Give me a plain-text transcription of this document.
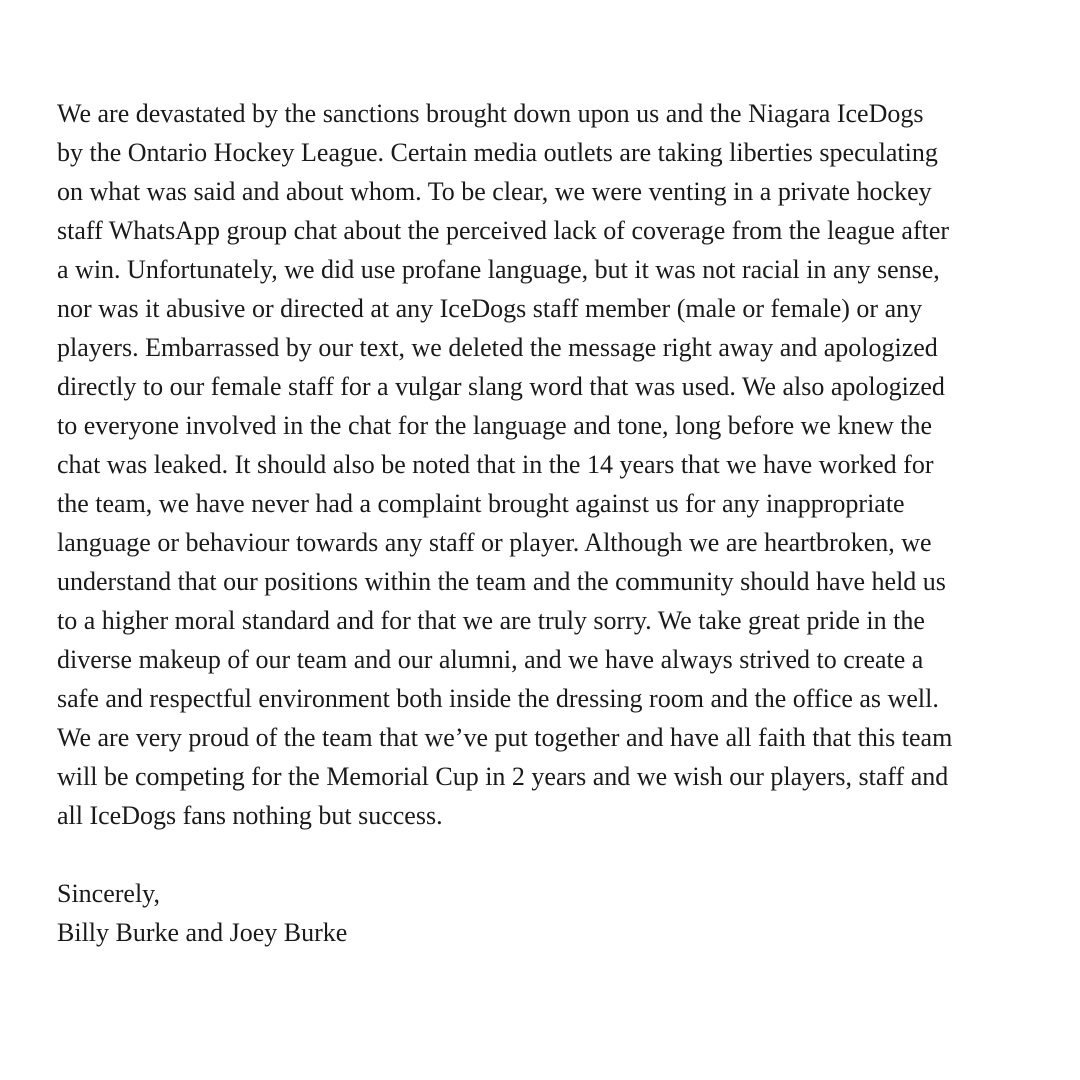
We are devastated by the sanctions brought down upon us and the Niagara IceDogs
by the Ontario Hockey League. Certain media outlets are taking liberties speculating
on what was said and about whom. To be clear, we were venting in a private hockey
staff WhatsApp group chat about the perceived lack of coverage from the league after
a win. Unfortunately, we did use profane language, but it was not racial in any sense,
nor was it abusive or directed at any IceDogs staff member (male or female) or any
players. Embarrassed by our text, we deleted the message right away and apologized
directly to our female staff for a vulgar slang word that was used. We also apologized
to everyone involved in the chat for the language and tone, long before we knew the
chat was leaked. It should also be noted that in the 14 years that we have worked for
the team, we have never had a complaint brought against us for any inappropriate
language or behaviour towards any staff or player. Although we are heartbroken, we
understand that our positions within the team and the community should have held us
to a higher moral standard and for that we are truly sorry. We take great pride in the
diverse makeup of our team and our alumni, and we have always strived to create a
safe and respectful environment both inside the dressing room and the office as well.
We are very proud of the team that we’ve put together and have all faith that this team
will be competing for the Memorial Cup in 2 years and we wish our players, staff and
all IceDogs fans nothing but success.
Sincerely,
Billy Burke and Joey Burke
